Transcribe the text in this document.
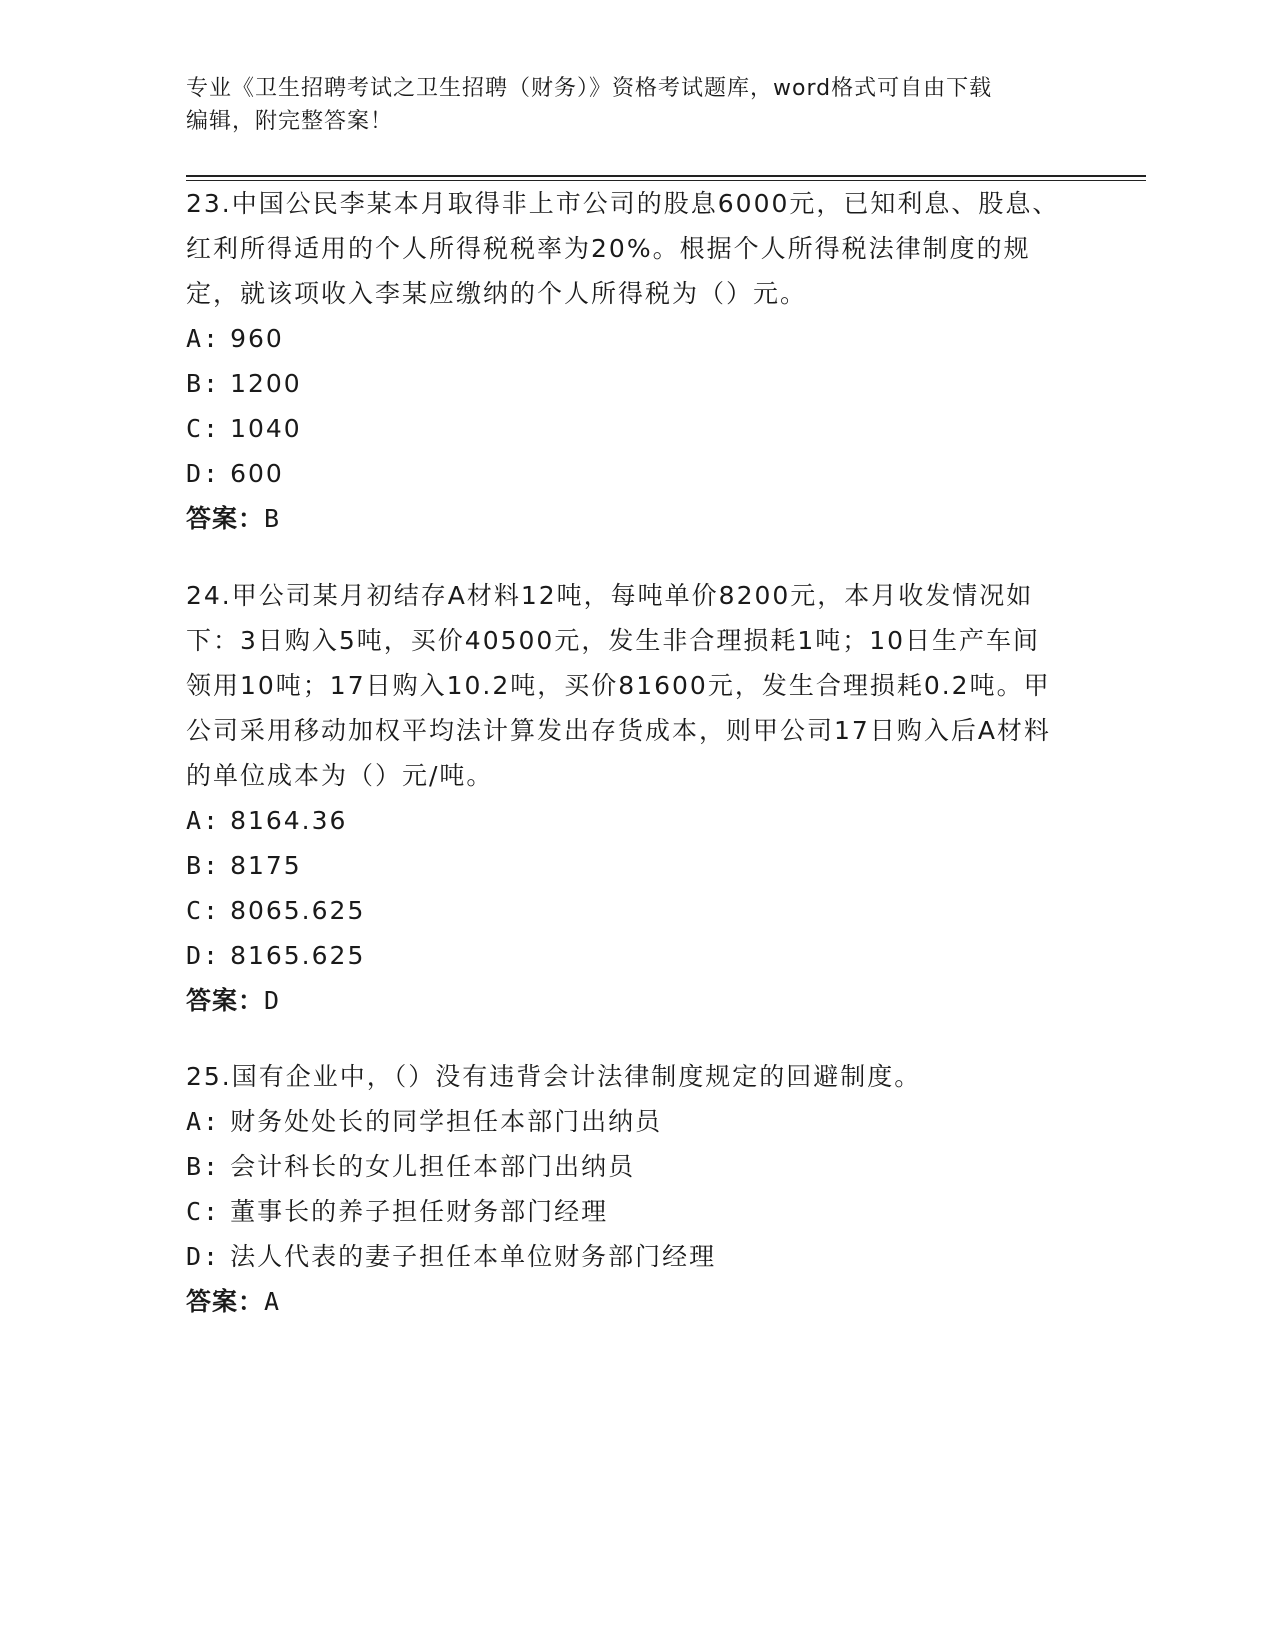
专业《卫生招聘考试之卫生招聘（财务）》资格考试题库，word格式可自由下载
编辑，附完整答案！

23.中国公民李某本月取得非上市公司的股息6000元，已知利息、股息、红利所得适用的个人所得税税率为20%。根据个人所得税法律制度的规定，就该项收入李某应缴纳的个人所得税为（）元。

A: 960

B: 1200

C: 1040

D: 600

答案：B

24.甲公司某月初结存A材料12吨，每吨单价8200元，本月收发情况如下：3日购入5吨，买价40500元，发生非合理损耗1吨；10日生产车间领用10吨；17日购入10.2吨，买价81600元，发生合理损耗0.2吨。甲公司采用移动加权平均法计算发出存货成本，则甲公司17日购入后A材料的单位成本为（）元/吨。

A: 8164.36

B: 8175

C: 8065.625

D: 8165.625

答案：D

25.国有企业中，（）没有违背会计法律制度规定的回避制度。

A: 财务处处长的同学担任本部门出纳员

B: 会计科长的女儿担任本部门出纳员

C: 董事长的养子担任财务部门经理

D: 法人代表的妻子担任本单位财务部门经理

答案：A
